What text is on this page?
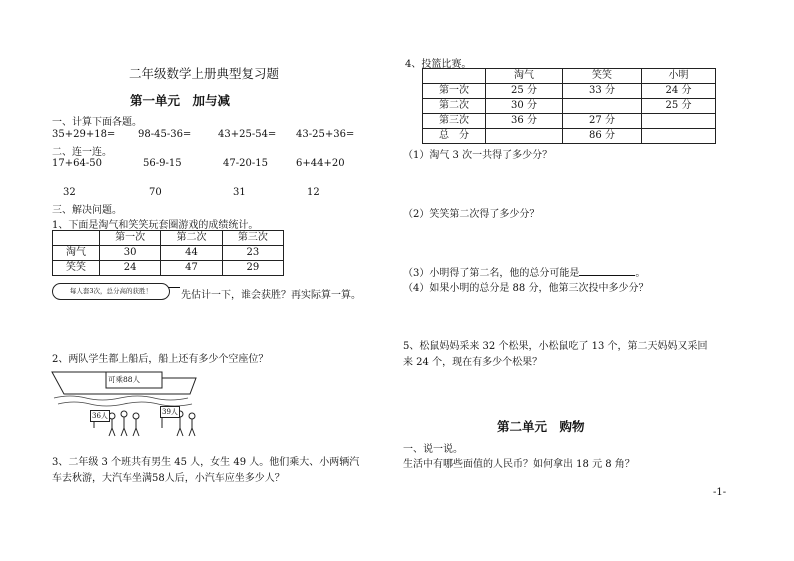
二年级数学上册典型复习题
第一单元　加与减
一、计算下面各题。
35+29+18= 98-45-36=	43+25-54= 43-25+36=
二、连一连。
17+64-50	56-9-15	47-20-15	6+44+20
32	70	31	12
三、解决问题。
1、下面是淘气和笑笑玩套圈游戏的成绩统计。
	第一次	第二次	第三次
淘气	30	44	23
笑笑	24	47	29
每人套3次，总分高的获胜！	先估计一下，谁会获胜？再实际算一算。
2、两队学生都上船后，船上还有多少个空座位？
可乘88人
36人	39人
3、二年级 3 个班共有男生 45 人，女生 49 人。他们乘大、小两辆汽
车去秋游，大汽车坐满58人后，小汽车应坐多少人？
4、投篮比赛。
	淘气	笑笑	小明
第一次	25 分	33 分	24 分
第二次	30 分		25 分
第三次	36 分	27 分	
总　分		86 分	
（1）淘气 3 次一共得了多少分？
（2）笑笑第二次得了多少分？
（3）小明得了第二名，他的总分可能是	。
（4）如果小明的总分是 88 分，他第三次投中多少分？
5、松鼠妈妈采来 32 个松果，小松鼠吃了 13 个，第二天妈妈又采回
来 24 个，现在有多少个松果？
第二单元　购物
一、说一说。
生活中有哪些面值的人民币？如何拿出 18 元 8 角？
-1-
